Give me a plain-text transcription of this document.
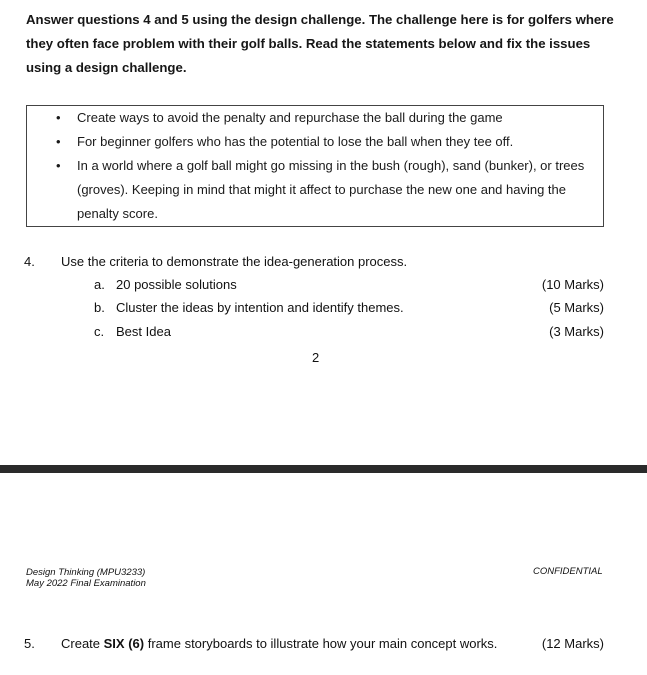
Answer questions 4 and 5 using the design challenge. The challenge here is for golfers where they often face problem with their golf balls. Read the statements below and fix the issues using a design challenge.
• Create ways to avoid the penalty and repurchase the ball during the game
• For beginner golfers who has the potential to lose the ball when they tee off.
• In a world where a golf ball might go missing in the bush (rough), sand (bunker), or trees (groves). Keeping in mind that might it affect to purchase the new one and having the penalty score.
4. Use the criteria to demonstrate the idea-generation process.
a. 20 possible solutions	(10 Marks)
b. Cluster the ideas by intention and identify themes.	(5 Marks)
c. Best Idea	(3 Marks)
2
Design Thinking (MPU3233)
May 2022 Final Examination
CONFIDENTIAL
5. Create SIX (6) frame storyboards to illustrate how your main concept works.	(12 Marks)
